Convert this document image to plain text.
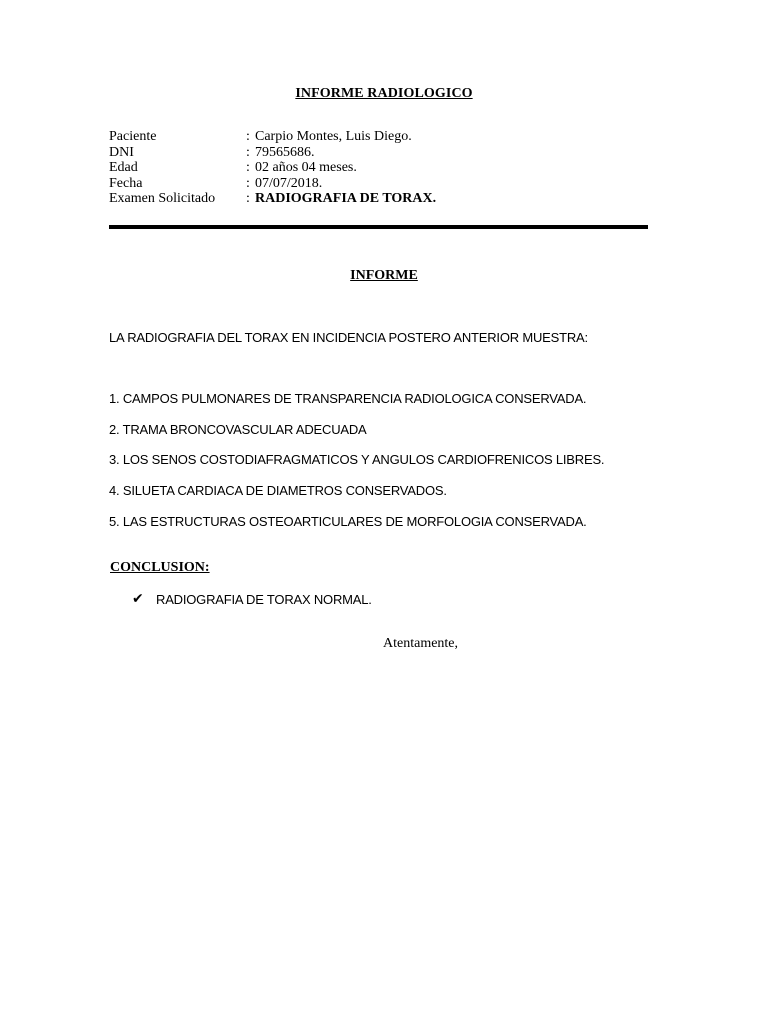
INFORME RADIOLOGICO
Paciente	: Carpio Montes, Luis Diego.
DNI	: 79565686.
Edad	: 02 años 04 meses.
Fecha	: 07/07/2018.
Examen Solicitado	: RADIOGRAFIA DE TORAX.
INFORME
LA RADIOGRAFIA DEL TORAX EN INCIDENCIA POSTERO ANTERIOR MUESTRA:
1. CAMPOS PULMONARES DE TRANSPARENCIA RADIOLOGICA CONSERVADA.
2. TRAMA BRONCOVASCULAR ADECUADA
3. LOS SENOS COSTODIAFRAGMATICOS Y ANGULOS CARDIOFRENICOS LIBRES.
4. SILUETA CARDIACA DE DIAMETROS CONSERVADOS.
5. LAS ESTRUCTURAS OSTEOARTICULARES DE MORFOLOGIA CONSERVADA.
CONCLUSION:
✔ RADIOGRAFIA DE TORAX NORMAL.
Atentamente,
